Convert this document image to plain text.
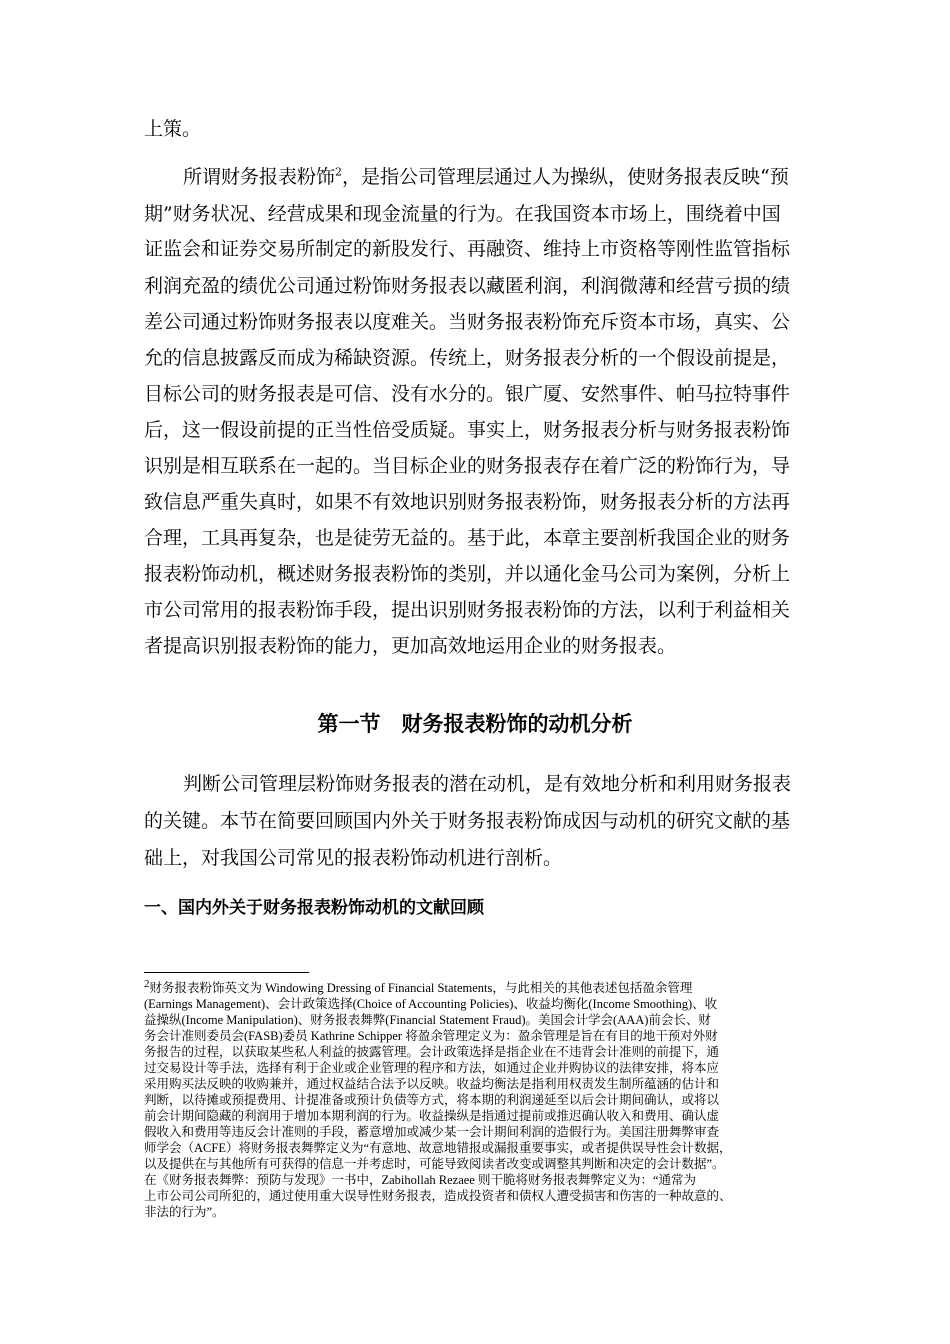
上策。
所谓财务报表粉饰$^2$，是指公司管理层通过人为操纵，使财务报表反映“预
期”财务状况、经营成果和现金流量的行为。在我国资本市场上，围绕着中国
证监会和证券交易所制定的新股发行、再融资、维持上市资格等刚性监管指标
利润充盈的绩优公司通过粉饰财务报表以藏匿利润，利润微薄和经营亏损的绩
差公司通过粉饰财务报表以度难关。当财务报表粉饰充斥资本市场，真实、公
允的信息披露反而成为稀缺资源。传统上，财务报表分析的一个假设前提是，
目标公司的财务报表是可信、没有水分的。银广厦、安然事件、帕马拉特事件
后，这一假设前提的正当性倍受质疑。事实上，财务报表分析与财务报表粉饰
识别是相互联系在一起的。当目标企业的财务报表存在着广泛的粉饰行为，导
致信息严重失真时，如果不有效地识别财务报表粉饰，财务报表分析的方法再
合理，工具再复杂，也是徒劳无益的。基于此，本章主要剖析我国企业的财务
报表粉饰动机，概述财务报表粉饰的类别，并以通化金马公司为案例，分析上
市公司常用的报表粉饰手段，提出识别财务报表粉饰的方法，以利于利益相关
者提高识别报表粉饰的能力，更加高效地运用企业的财务报表。
第一节　财务报表粉饰的动机分析
判断公司管理层粉饰财务报表的潜在动机，是有效地分析和利用财务报表
的关键。本节在简要回顾国内外关于财务报表粉饰成因与动机的研究文献的基
础上，对我国公司常见的报表粉饰动机进行剖析。
一、国内外关于财务报表粉饰动机的文献回顾
$^2$财务报表粉饰英文为 Windowing Dressing of Financial Statements，与此相关的其他表述包括盈余管理
(Earnings Management)、会计政策选择(Choice of Accounting Policies)、收益均衡化(Income Smoothing)、收
益操纵(Income Manipulation)、财务报表舞弊(Financial Statement Fraud)。美国会计学会(AAA)前会长、财
务会计准则委员会(FASB)委员 Kathrine Schipper 将盈余管理定义为：盈余管理是旨在有目的地干预对外财
务报告的过程，以获取某些私人利益的披露管理。会计政策选择是指企业在不违背会计准则的前提下，通
过交易设计等手法，选择有利于企业或企业管理的程序和方法，如通过企业并购协议的法律安排，将本应
采用购买法反映的收购兼并，通过权益结合法予以反映。收益均衡法是指利用权责发生制所蕴涵的估计和
判断，以待摊或预提费用、计提准备或预计负债等方式，将本期的利润递延至以后会计期间确认，或将以
前会计期间隐藏的利润用于增加本期利润的行为。收益操纵是指通过提前或推迟确认收入和费用、确认虚
假收入和费用等违反会计准则的手段，蓄意增加或减少某一会计期间利润的造假行为。美国注册舞弊审查
师学会（ACFE）将财务报表舞弊定义为“有意地、故意地错报或漏报重要事实，或者提供误导性会计数据，
以及提供在与其他所有可获得的信息一并考虑时，可能导致阅读者改变或调整其判断和决定的会计数据”。
在《财务报表舞弊：预防与发现》一书中，Zabihollah Rezaee 则干脆将财务报表舞弊定义为：“通常为
上市公司公司所犯的，通过使用重大误导性财务报表，造成投资者和债权人遭受损害和伤害的一种故意的、
非法的行为”。
